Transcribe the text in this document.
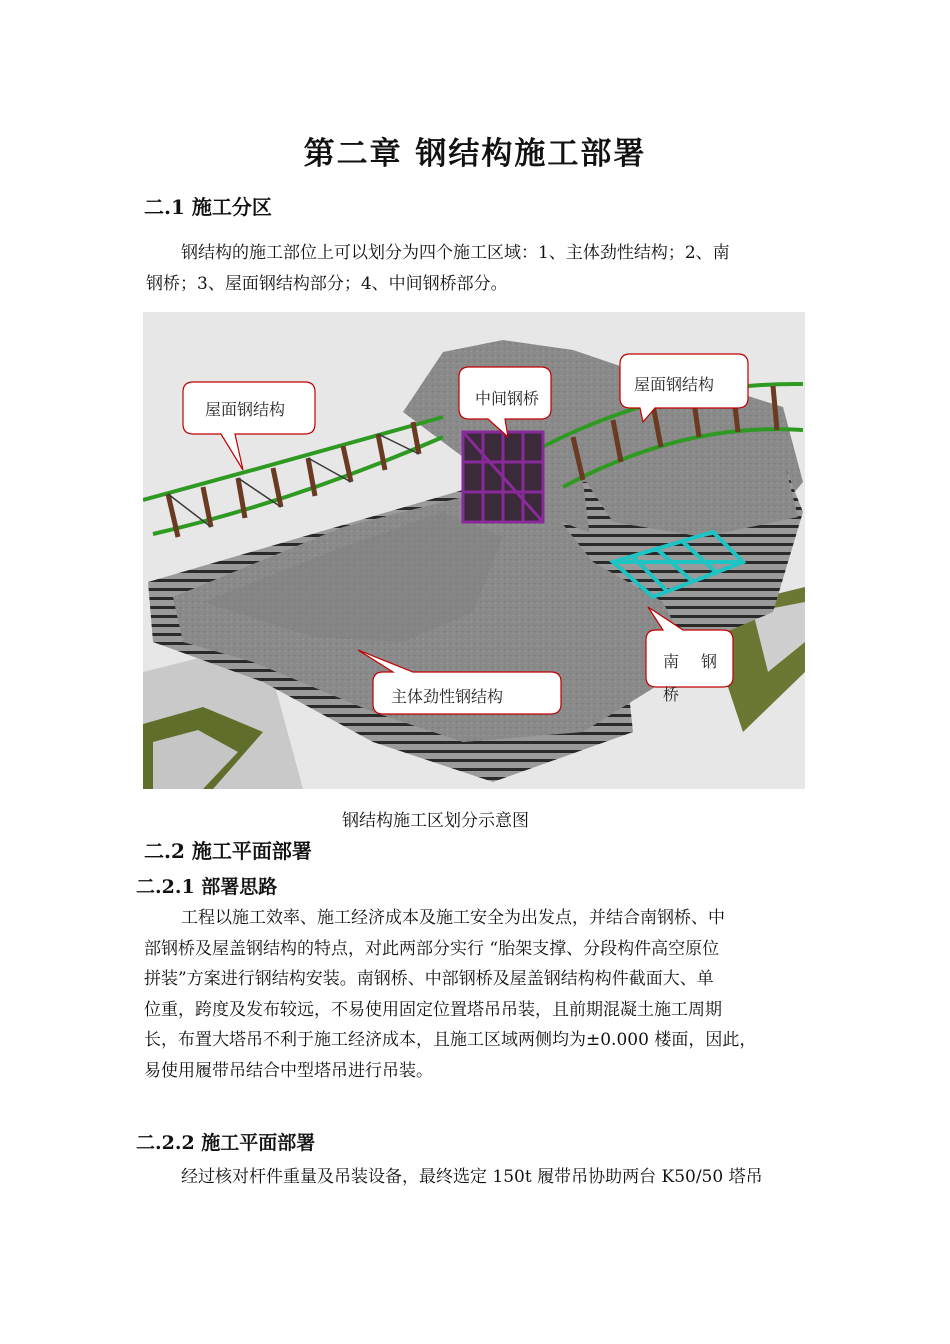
第二章 钢结构施工部署
二.1 施工分区
钢结构的施工部位上可以划分为四个施工区域：1、主体劲性结构；2、南
钢桥；3、屋面钢结构部分；4、中间钢桥部分。
屋面钢结构
中间钢桥
屋面钢结构
南 钢
桥
主体劲性钢结构
钢结构施工区划分示意图
二.2 施工平面部署
二.2.1 部署思路
工程以施工效率、施工经济成本及施工安全为出发点，并结合南钢桥、中
部钢桥及屋盖钢结构的特点，对此两部分实行 “胎架支撑、分段构件高空原位
拼装”方案进行钢结构安装。南钢桥、中部钢桥及屋盖钢结构构件截面大、单
位重，跨度及发布较远，不易使用固定位置塔吊吊装，且前期混凝土施工周期
长，布置大塔吊不利于施工经济成本，且施工区域两侧均为±0.000 楼面，因此，
易使用履带吊结合中型塔吊进行吊装。
二.2.2 施工平面部署
经过核对杆件重量及吊装设备，最终选定 150t 履带吊协助两台 K50/50 塔吊
